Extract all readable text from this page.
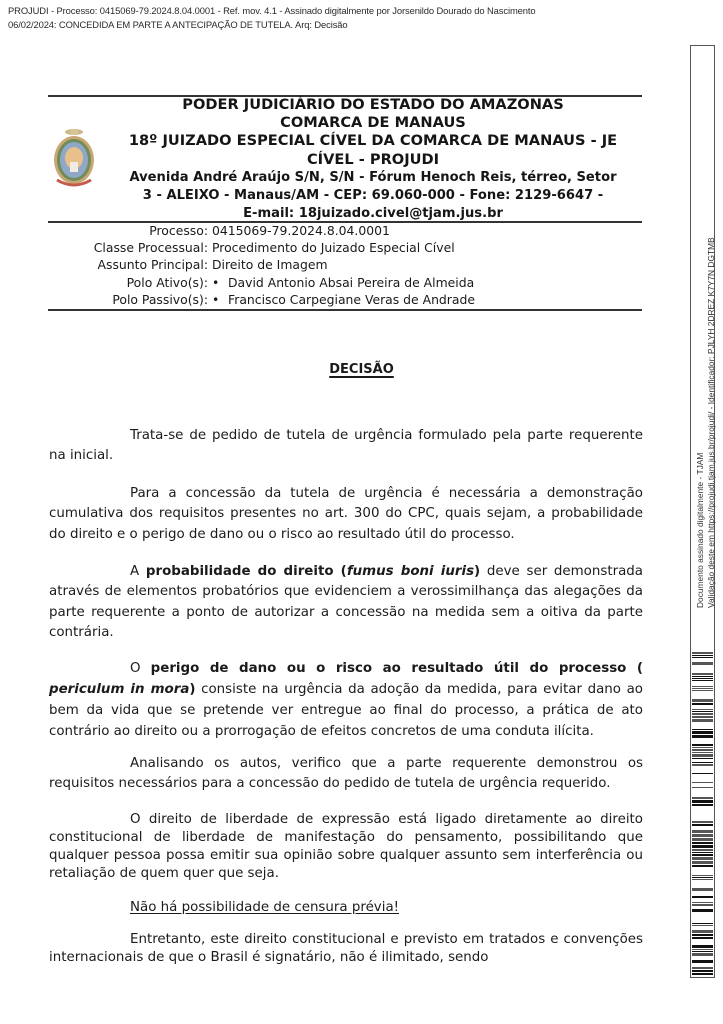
PROJUDI - Processo: 0415069-79.2024.8.04.0001 - Ref. mov. 4.1 - Assinado digitalmente por Jorsenildo Dourado do Nascimento
06/02/2024: CONCEDIDA EM PARTE A ANTECIPAÇÃO DE TUTELA. Arq: Decisão
PODER JUDICIÁRIO DO ESTADO DO AMAZONAS
COMARCA DE MANAUS
18º JUIZADO ESPECIAL CÍVEL DA COMARCA DE MANAUS - JE
CÍVEL - PROJUDI
Avenida André Araújo S/N, S/N - Fórum Henoch Reis, térreo, Setor
3 - ALEIXO - Manaus/AM - CEP: 69.060-000 - Fone: 2129-6647 -
E-mail: 18juizado.civel@tjam.jus.br
Processo: 0415069-79.2024.8.04.0001
Classe Processual: Procedimento do Juizado Especial Cível
Assunto Principal: Direito de Imagem
Polo Ativo(s): • David Antonio Absai Pereira de Almeida
Polo Passivo(s): • Francisco Carpegiane Veras de Andrade
DECISÃO

Trata-se de pedido de tutela de urgência formulado pela parte requerente na inicial.

Para a concessão da tutela de urgência é necessária a demonstração cumulativa dos requisitos presentes no art. 300 do CPC, quais sejam, a probabilidade do direito e o perigo de dano ou o risco ao resultado útil do processo.

A probabilidade do direito (fumus boni iuris) deve ser demonstrada através de elementos probatórios que evidenciem a verossimilhança das alegações da parte requerente a ponto de autorizar a concessão na medida sem a oitiva da parte contrária.

O perigo de dano ou o risco ao resultado útil do processo ( periculum in mora) consiste na urgência da adoção da medida, para evitar dano ao bem da vida que se pretende ver entregue ao final do processo, a prática de ato contrário ao direito ou a prorrogação de efeitos concretos de uma conduta ilícita.

Analisando os autos, verifico que a parte requerente demonstrou os requisitos necessários para a concessão do pedido de tutela de urgência requerido.

O direito de liberdade de expressão está ligado diretamente ao direito constitucional de liberdade de manifestação do pensamento, possibilitando que qualquer pessoa possa emitir sua opinião sobre qualquer assunto sem interferência ou retaliação de quem quer que seja.

Não há possibilidade de censura prévia!

Entretanto, este direito constitucional e previsto em tratados e convenções internacionais de que o Brasil é signatário, não é ilimitado, sendo

Documento assinado digitalmente - TJAM Validação deste em https://projudi.tjam.jus.br/projudi/ - Identificador: PJLYH 2DREZ K7Y7N DGTMB
